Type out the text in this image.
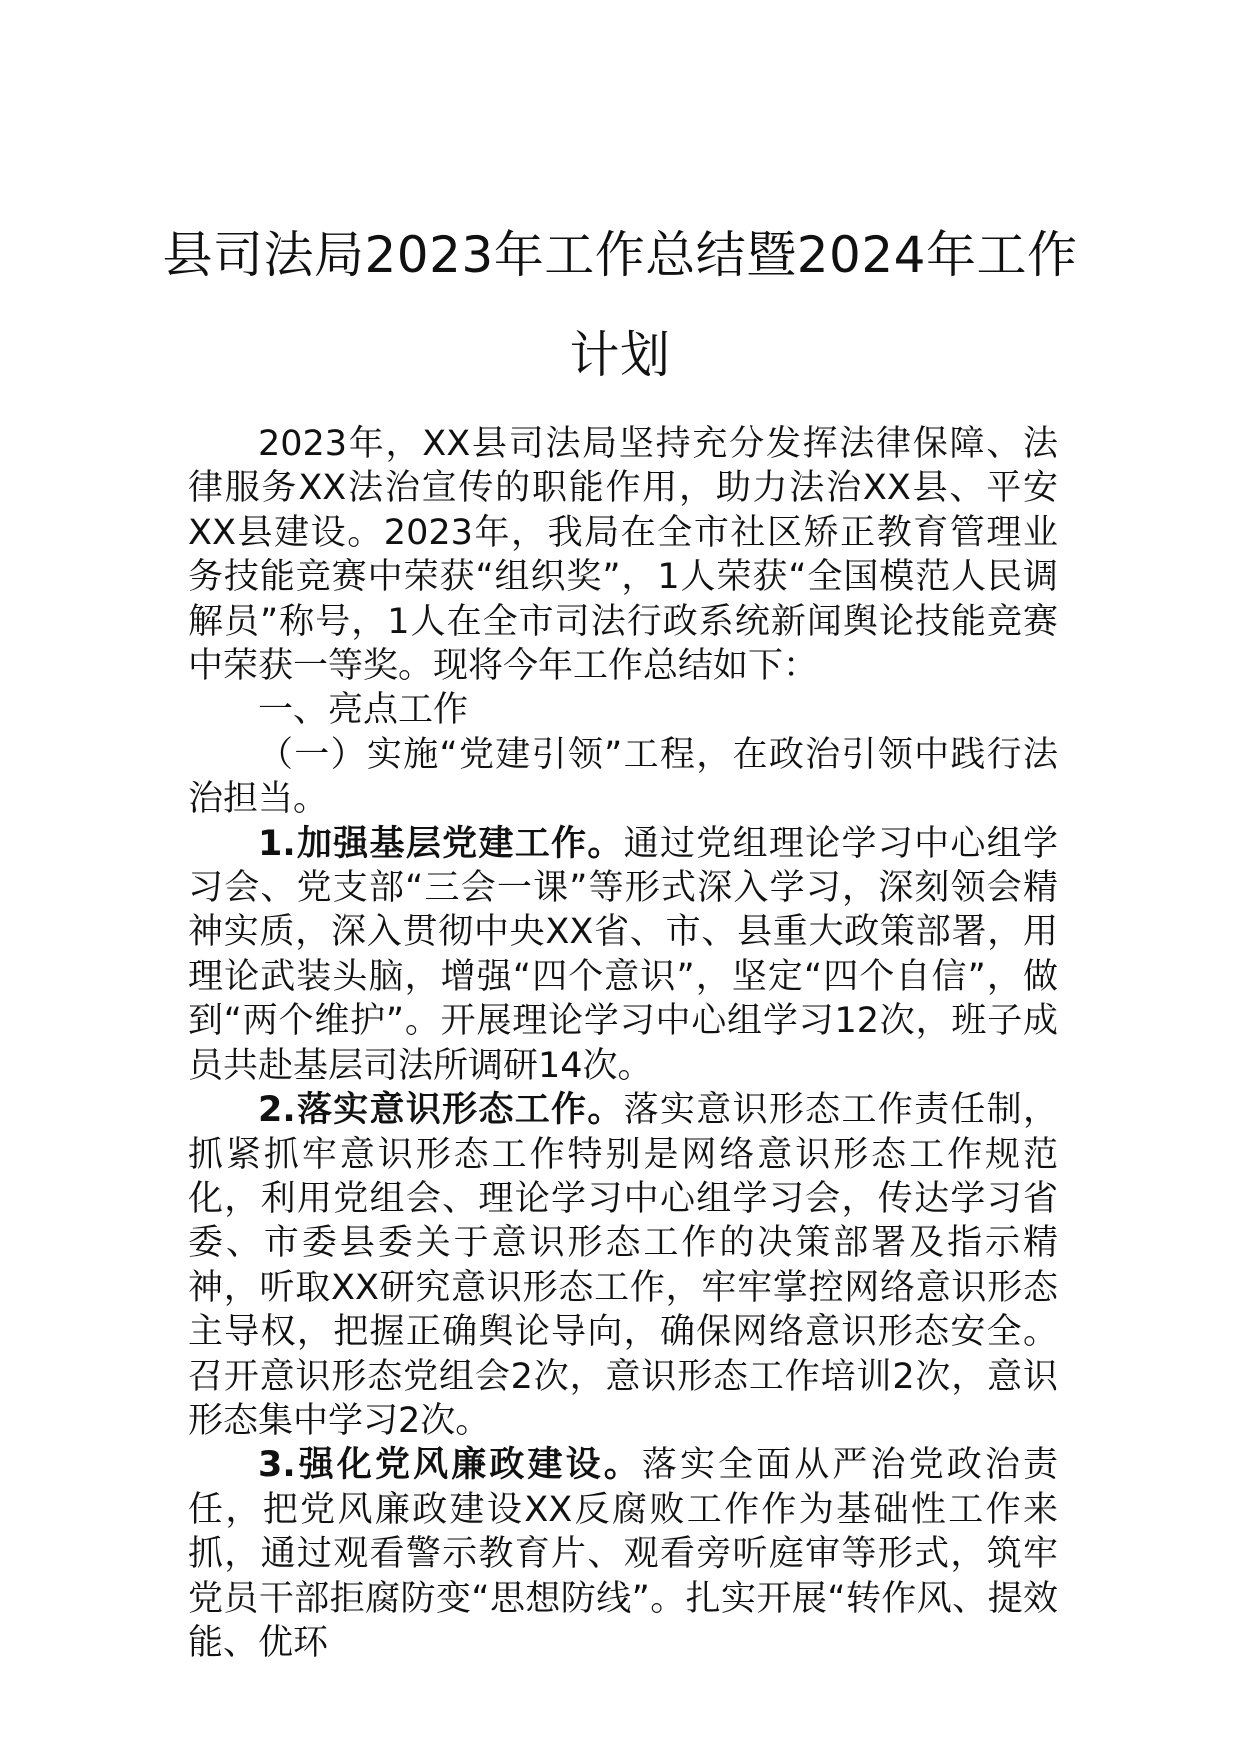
县司法局2023年工作总结暨2024年工作计划

2023年，XX县司法局坚持充分发挥法律保障、法律服务XX法治宣传的职能作用，助力法治XX县、平安XX县建设。2023年，我局在全市社区矫正教育管理业务技能竞赛中荣获“组织奖”，1人荣获“全国模范人民调解员”称号，1人在全市司法行政系统新闻舆论技能竞赛中荣获一等奖。现将今年工作总结如下：

一、亮点工作

（一）实施“党建引领”工程，在政治引领中践行法治担当。

1.加强基层党建工作。通过党组理论学习中心组学习会、党支部“三会一课”等形式深入学习，深刻领会精神实质，深入贯彻中央XX省、市、县重大政策部署，用理论武装头脑，增强“四个意识”，坚定“四个自信”，做到“两个维护”。开展理论学习中心组学习12次，班子成员共赴基层司法所调研14次。

2.落实意识形态工作。落实意识形态工作责任制，抓紧抓牢意识形态工作特别是网络意识形态工作规范化，利用党组会、理论学习中心组学习会，传达学习省委、市委县委关于意识形态工作的决策部署及指示精神，听取XX研究意识形态工作，牢牢掌控网络意识形态主导权，把握正确舆论导向，确保网络意识形态安全。召开意识形态党组会2次，意识形态工作培训2次，意识形态集中学习2次。

3.强化党风廉政建设。落实全面从严治党政治责任，把党风廉政建设XX反腐败工作作为基础性工作来抓，通过观看警示教育片、观看旁听庭审等形式，筑牢党员干部拒腐防变“思想防线”。扎实开展“转作风、提效能、优环
